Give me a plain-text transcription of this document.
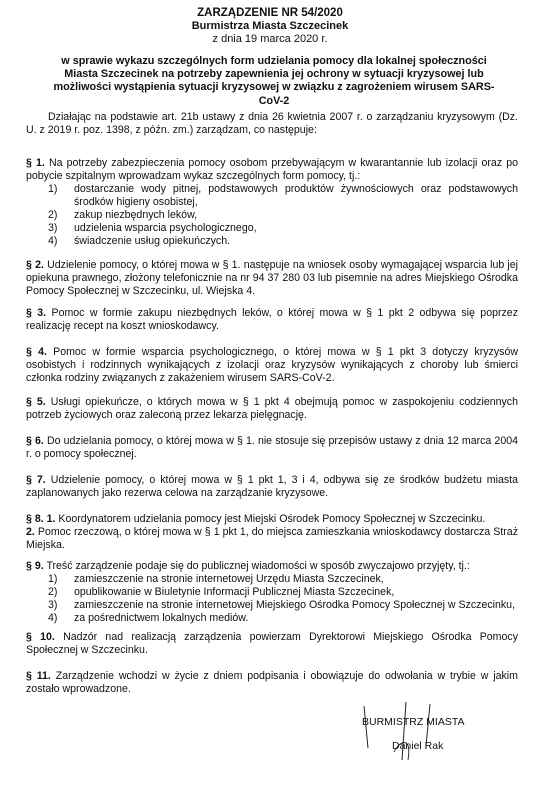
ZARZĄDZENIE NR 54/2020
Burmistrza Miasta Szczecinek
z dnia 19 marca 2020 r.
w sprawie wykazu szczególnych form udzielania pomocy dla lokalnej społeczności Miasta Szczecinek na potrzeby zapewnienia jej ochrony w sytuacji kryzysowej lub możliwości wystąpienia sytuacji kryzysowej w związku z zagrożeniem wirusem SARS-CoV-2
Działając na podstawie art. 21b ustawy z dnia 26 kwietnia 2007 r. o zarządzaniu kryzysowym (Dz. U. z 2019 r. poz. 1398, z późn. zm.) zarządzam, co następuje:
§ 1. Na potrzeby zabezpieczenia pomocy osobom przebywającym w kwarantannie lub izolacji oraz po pobycie szpitalnym wprowadzam wykaz szczególnych form pomocy, tj.:
1) dostarczanie wody pitnej, podstawowych produktów żywnościowych oraz podstawowych środków higieny osobistej,
2) zakup niezbędnych leków,
3) udzielenia wsparcia psychologicznego,
4) świadczenie usług opiekuńczych.
§ 2. Udzielenie pomocy, o której mowa w § 1. następuje na wniosek osoby wymagającej wsparcia lub jej opiekuna prawnego, złożony telefonicznie na nr 94 37 280 03 lub pisemnie na adres Miejskiego Ośrodka Pomocy Społecznej w Szczecinku, ul. Wiejska 4.
§ 3. Pomoc w formie zakupu niezbędnych leków, o której mowa w § 1 pkt 2 odbywa się poprzez realizację recept na koszt wnioskodawcy.
§ 4. Pomoc w formie wsparcia psychologicznego, o której mowa w § 1 pkt 3 dotyczy kryzysów osobistych i rodzinnych wynikających z izolacji oraz kryzysów wynikających z choroby lub śmierci członka rodziny związanych z zakażeniem wirusem SARS-CoV-2.
§ 5. Usługi opiekuńcze, o których mowa w § 1 pkt 4 obejmują pomoc w zaspokojeniu codziennych potrzeb życiowych oraz zaleconą przez lekarza pielęgnację.
§ 6. Do udzielania pomocy, o której mowa w § 1. nie stosuje się przepisów ustawy z dnia 12 marca 2004 r. o pomocy społecznej.
§ 7. Udzielenie pomocy, o której mowa w § 1 pkt 1, 3 i 4, odbywa się ze środków budżetu miasta zaplanowanych jako rezerwa celowa na zarządzanie kryzysowe.
§ 8. 1. Koordynatorem udzielania pomocy jest Miejski Ośrodek Pomocy Społecznej w Szczecinku.
2. Pomoc rzeczową, o której mowa w § 1 pkt 1, do miejsca zamieszkania wnioskodawcy dostarcza Straż Miejska.
§ 9. Treść zarządzenie podaje się do publicznej wiadomości w sposób zwyczajowo przyjęty, tj.:
1) zamieszczenie na stronie internetowej Urzędu Miasta Szczecinek,
2) opublikowanie w Biuletynie Informacji Publicznej Miasta Szczecinek,
3) zamieszczenie na stronie internetowej Miejskiego Ośrodka Pomocy Społecznej w Szczecinku,
4) za pośrednictwem lokalnych mediów.
§ 10. Nadzór nad realizacją zarządzenia powierzam Dyrektorowi Miejskiego Ośrodka Pomocy Społecznej w Szczecinku.
§ 11. Zarządzenie wchodzi w życie z dniem podpisania i obowiązuje do odwołania w trybie w jakim zostało wprowadzone.
BURMISTRZ MIASTA
Daniel Rak
